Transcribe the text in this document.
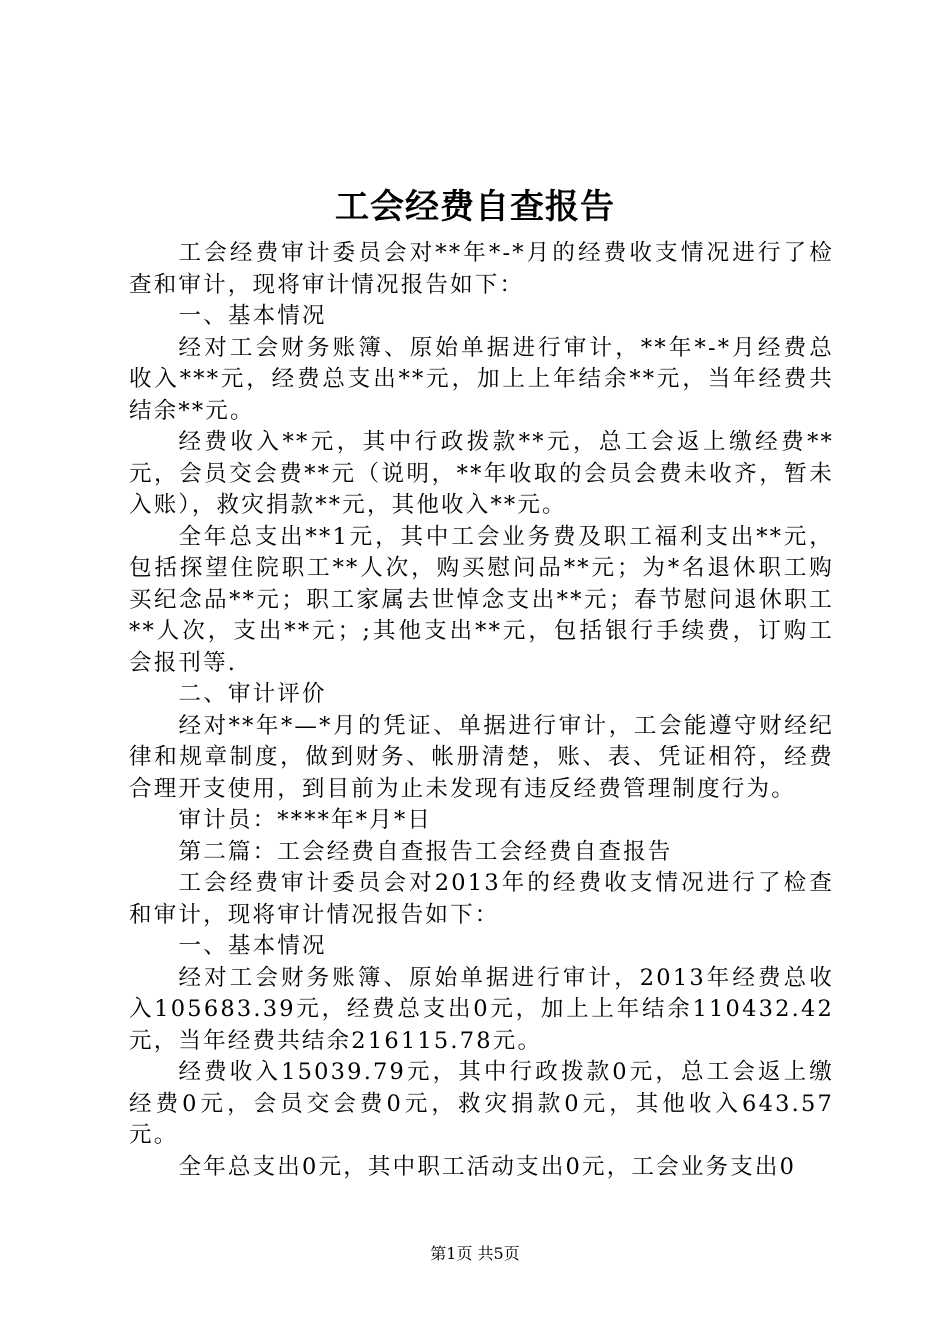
工会经费自查报告

工会经费审计委员会对**年*-*月的经费收支情况进行了检查和审计，现将审计情况报告如下：

一、基本情况

经对工会财务账簿、原始单据进行审计，**年*-*月经费总收入***元，经费总支出**元，加上上年结余**元，当年经费共结余**元。

经费收入**元，其中行政拨款**元，总工会返上缴经费**元，会员交会费**元（说明，**年收取的会员会费未收齐，暂未入账），救灾捐款**元，其他收入**元。

全年总支出**1元，其中工会业务费及职工福利支出**元，包括探望住院职工**人次，购买慰问品**元；为*名退休职工购买纪念品**元；职工家属去世悼念支出**元；春节慰问退休职工**人次，支出**元；;其他支出**元，包括银行手续费，订购工会报刊等.

二、审计评价

经对**年*—*月的凭证、单据进行审计，工会能遵守财经纪律和规章制度，做到财务、帐册清楚，账、表、凭证相符，经费合理开支使用，到目前为止未发现有违反经费管理制度行为。

审计员：****年*月*日

第二篇：工会经费自查报告工会经费自查报告

工会经费审计委员会对2013年的经费收支情况进行了检查和审计，现将审计情况报告如下：

一、基本情况

经对工会财务账簿、原始单据进行审计，2013年经费总收入105683.39元，经费总支出0元，加上上年结余110432.42元，当年经费共结余216115.78元。

经费收入15039.79元，其中行政拨款0元，总工会返上缴经费0元，会员交会费0元，救灾捐款0元，其他收入643.57元。

全年总支出0元，其中职工活动支出0元，工会业务支出0

第1页 共5页
